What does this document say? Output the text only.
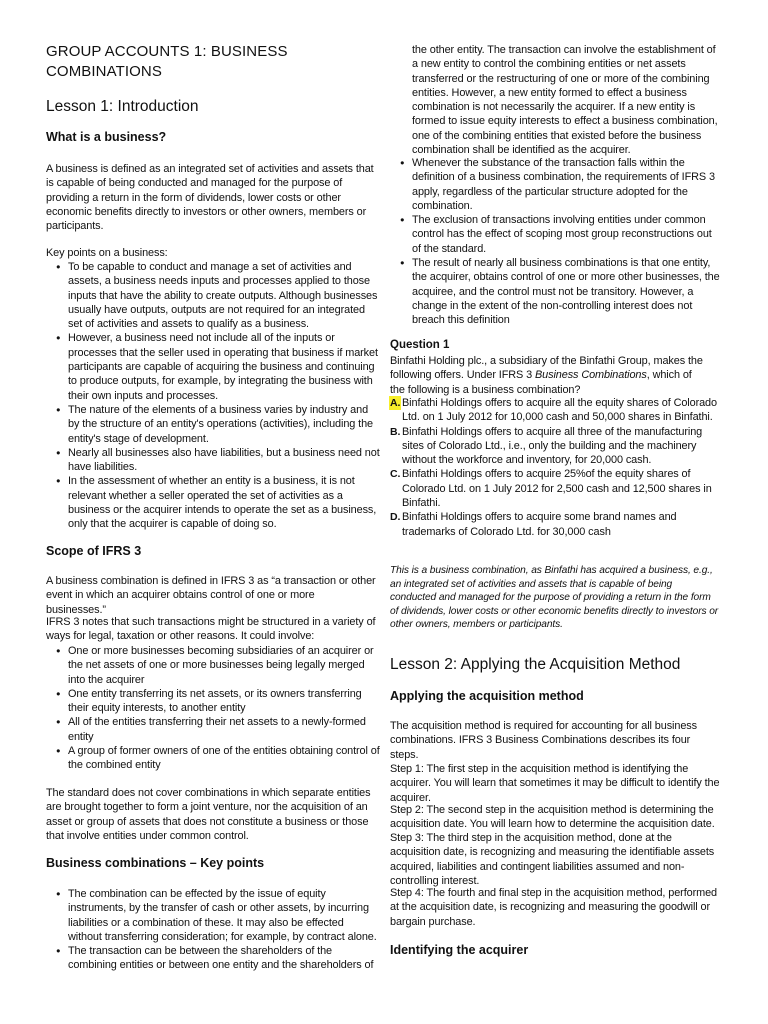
GROUP ACCOUNTS 1: BUSINESS COMBINATIONS
Lesson 1: Introduction
What is a business?

A business is defined as an integrated set of activities and assets that is capable of being conducted and managed for the purpose of providing a return in the form of dividends, lower costs or other economic benefits directly to investors or other owners, members or participants.

Key points on a business:

● To be capable to conduct and manage a set of activities and assets, a business needs inputs and processes applied to those inputs that have the ability to create outputs. Although businesses usually have outputs, outputs are not required for an integrated set of activities and assets to qualify as a business.
● However, a business need not include all of the inputs or processes that the seller used in operating that business if market participants are capable of acquiring the business and continuing to produce outputs, for example, by integrating the business with their own inputs and processes.
● The nature of the elements of a business varies by industry and by the structure of an entity's operations (activities), including the entity's stage of development.
● Nearly all businesses also have liabilities, but a business need not have liabilities.
● In the assessment of whether an entity is a business, it is not relevant whether a seller operated the set of activities as a business or the acquirer intends to operate the set as a business, only that the acquirer is capable of doing so.
Scope of IFRS 3

A business combination is defined in IFRS 3 as “a transaction or other event in which an acquirer obtains control of one or more businesses.”

IFRS 3 notes that such transactions might be structured in a variety of ways for legal, taxation or other reasons. It could involve:

● One or more businesses becoming subsidiaries of an acquirer or the net assets of one or more businesses being legally merged into the acquirer
● One entity transferring its net assets, or its owners transferring their equity interests, to another entity
● All of the entities transferring their net assets to a newly-formed entity
● A group of former owners of one of the entities obtaining control of the combined entity

The standard does not cover combinations in which separate entities are brought together to form a joint venture, nor the acquisition of an asset or group of assets that does not constitute a business or those that involve entities under common control.

Business combinations – Key points
● The combination can be effected by the issue of equity instruments, by the transfer of cash or other assets, by incurring liabilities or a combination of these. It may also be effected without transferring consideration; for example, by contract alone.
● The transaction can be between the shareholders of the combining entities or between one entity and the shareholders of

the other entity. The transaction can involve the establishment of a new entity to control the combining entities or net assets transferred or the restructuring of one or more of the combining entities. However, a new entity formed to effect a business combination is not necessarily the acquirer. If a new entity is formed to issue equity interests to effect a business combination, one of the combining entities that existed before the business combination shall be identified as the acquirer.

● Whenever the substance of the transaction falls within the definition of a business combination, the requirements of IFRS 3 apply, regardless of the particular structure adopted for the combination.
● The exclusion of transactions involving entities under common control has the effect of scoping most group reconstructions out of the standard.
● The result of nearly all business combinations is that one entity, the acquirer, obtains control of one or more other businesses, the acquiree, and the control must not be transitory. However, a change in the extent of the non-controlling interest does not breach this definition
Question 1

Binfathi Holding plc., a subsidiary of the Binfathi Group, makes the following offers. Under IFRS 3 Business Combinations, which of the following is a business combination?

A. Binfathi Holdings offers to acquire all the equity shares of Colorado Ltd. on 1 July 2012 for 10,000 cash and 50,000 shares in Binfathi.
B. Binfathi Holdings offers to acquire all three of the manufacturing sites of Colorado Ltd., i.e., only the building and the machinery without the workforce and inventory, for 20,000 cash.
C. Binfathi Holdings offers to acquire 25%of the equity shares of Colorado Ltd. on 1 July 2012 for 2,500 cash and 12,500 shares in Binfathi.
D. Binfathi Holdings offers to acquire some brand names and trademarks of Colorado Ltd. for 30,000 cash

This is a business combination, as Binfathi has acquired a business, e.g., an integrated set of activities and assets that is capable of being conducted and managed for the purpose of providing a return in the form of dividends, lower costs or other economic benefits directly to investors or other owners, members or participants.

Lesson 2: Applying the Acquisition Method
Applying the acquisition method

The acquisition method is required for accounting for all business combinations. IFRS 3 Business Combinations describes its four steps.

Step 1: The first step in the acquisition method is identifying the acquirer. You will learn that sometimes it may be difficult to identify the acquirer.

Step 2: The second step in the acquisition method is determining the acquisition date. You will learn how to determine the acquisition date.

Step 3: The third step in the acquisition method, done at the acquisition date, is recognizing and measuring the identifiable assets acquired, liabilities and contingent liabilities assumed and non-controlling interest.

Step 4: The fourth and final step in the acquisition method, performed at the acquisition date, is recognizing and measuring the goodwill or bargain purchase.

Identifying the acquirer
